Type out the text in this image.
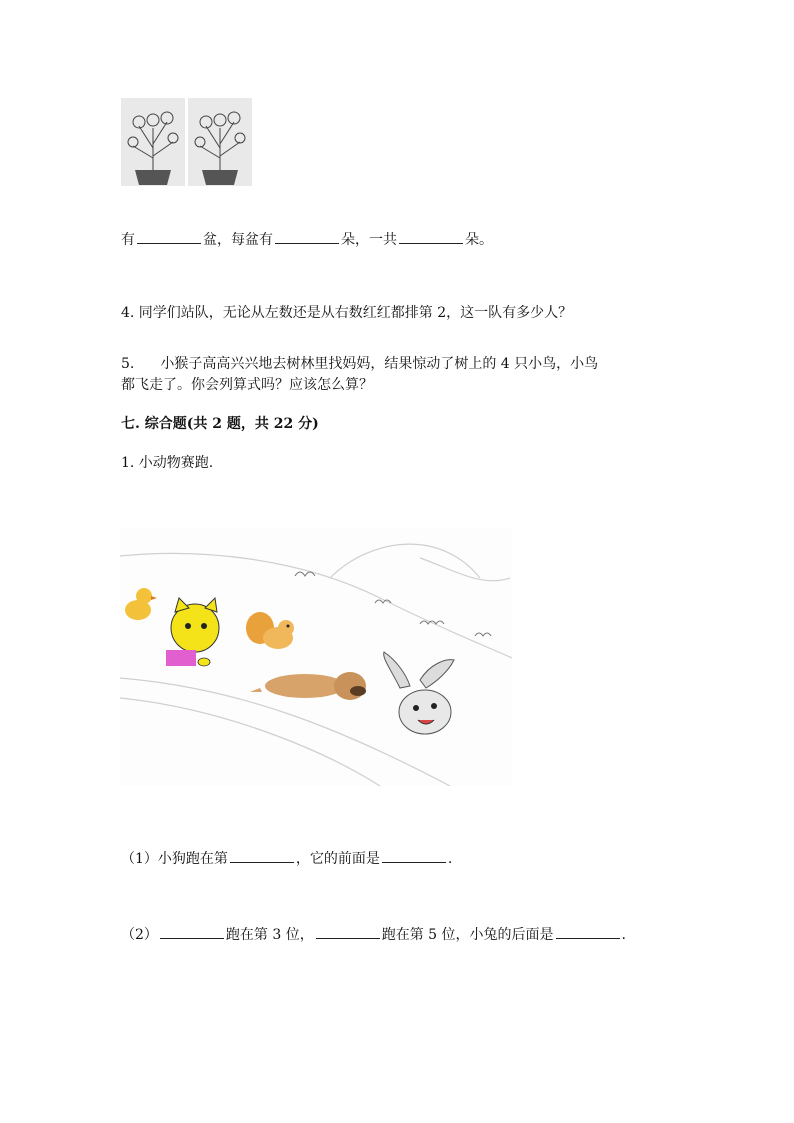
有	盆，每盆有	朵，一共	朵。
4. 同学们站队，无论从左数还是从右数红红都排第 2，这一队有多少人？
5. 小猴子高高兴兴地去树林里找妈妈，结果惊动了树上的 4 只小鸟，小鸟
都飞走了。你会列算式吗？应该怎么算？
七. 综合题(共 2 题，共 22 分)
1. 小动物赛跑.
（1）小狗跑在第	，它的前面是	.
（2）	跑在第 3 位，	跑在第 5 位，小兔的后面是	.
